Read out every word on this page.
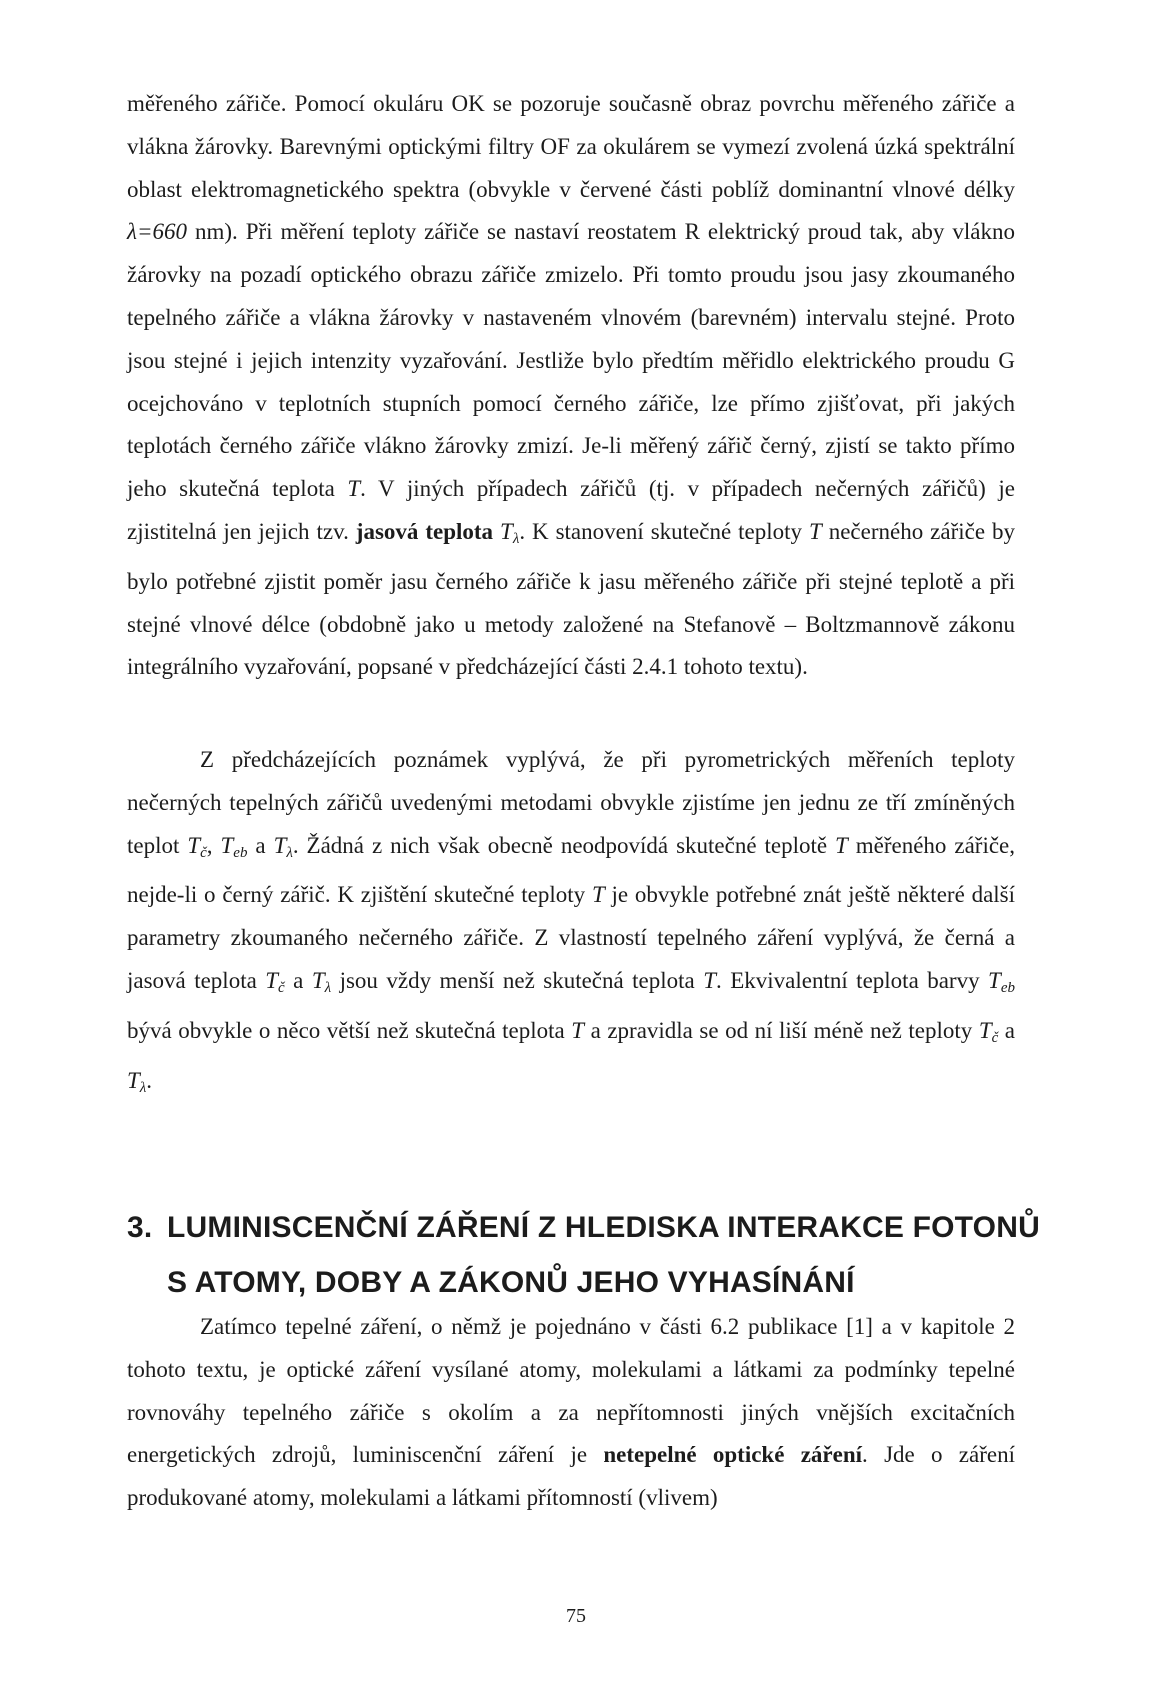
měřeného zářiče. Pomocí okuláru OK se pozoruje současně obraz povrchu měřeného zářiče a vlákna žárovky. Barevnými optickými filtry OF za okulárem se vymezí zvolená úzká spektrální oblast elektromagnetického spektra (obvykle v červené části poblíž dominantní vlnové délky λ=660 nm). Při měření teploty zářiče se nastaví reostatem R elektrický proud tak, aby vlákno žárovky na pozadí optického obrazu zářiče zmizelo. Při tomto proudu jsou jasy zkoumaného tepelného zářiče a vlákna žárovky v nastaveném vlnovém (barevném) intervalu stejné. Proto jsou stejné i jejich intenzity vyzařování. Jestliže bylo předtím měřidlo elektrického proudu G ocejchováno v teplotních stupních pomocí černého zářiče, lze přímo zjišťovat, při jakých teplotách černého zářiče vlákno žárovky zmizí. Je-li měřený zářič černý, zjistí se takto přímo jeho skutečná teplota T. V jiných případech zářičů (tj. v případech nečerných zářičů) je zjistitelná jen jejich tzv. jasová teplota $T_\lambda$. K stanovení skutečné teploty T nečerného zářiče by bylo potřebné zjistit poměr jasu černého zářiče k jasu měřeného zářiče při stejné teplotě a při stejné vlnové délce (obdobně jako u metody založené na Stefanově – Boltzmannově zákonu integrálního vyzařování, popsané v předcházející části 2.4.1 tohoto textu).

Z předcházejících poznámek vyplývá, že při pyrometrických měřeních teploty nečerných tepelných zářičů uvedenými metodami obvykle zjistíme jen jednu ze tří zmíněných teplot $T_č$, $T_{eb}$ a $T_\lambda$. Žádná z nich však obecně neodpovídá skutečné teplotě T měřeného zářiče, nejde-li o černý zářič. K zjištění skutečné teploty T je obvykle potřebné znát ještě některé další parametry zkoumaného nečerného zářiče. Z vlastností tepelného záření vyplývá, že černá a jasová teplota $T_č$ a $T_\lambda$ jsou vždy menší než skutečná teplota T. Ekvivalentní teplota barvy $T_{eb}$ bývá obvykle o něco větší než skutečná teplota T a zpravidla se od ní liší méně než teploty $T_č$ a $T_\lambda$.

3. LUMINISCENČNÍ ZÁŘENÍ Z HLEDISKA INTERAKCE FOTONŮ
S ATOMY, DOBY A ZÁKONŮ JEHO VYHASÍNÁNÍ

Zatímco tepelné záření, o němž je pojednáno v části 6.2 publikace [1] a v kapitole 2 tohoto textu, je optické záření vysílané atomy, molekulami a látkami za podmínky tepelné rovnováhy tepelného zářiče s okolím a za nepřítomnosti jiných vnějších excitačních energetických zdrojů, luminiscenční záření je netepelné optické záření. Jde o záření produkované atomy, molekulami a látkami přítomností (vlivem)

75
